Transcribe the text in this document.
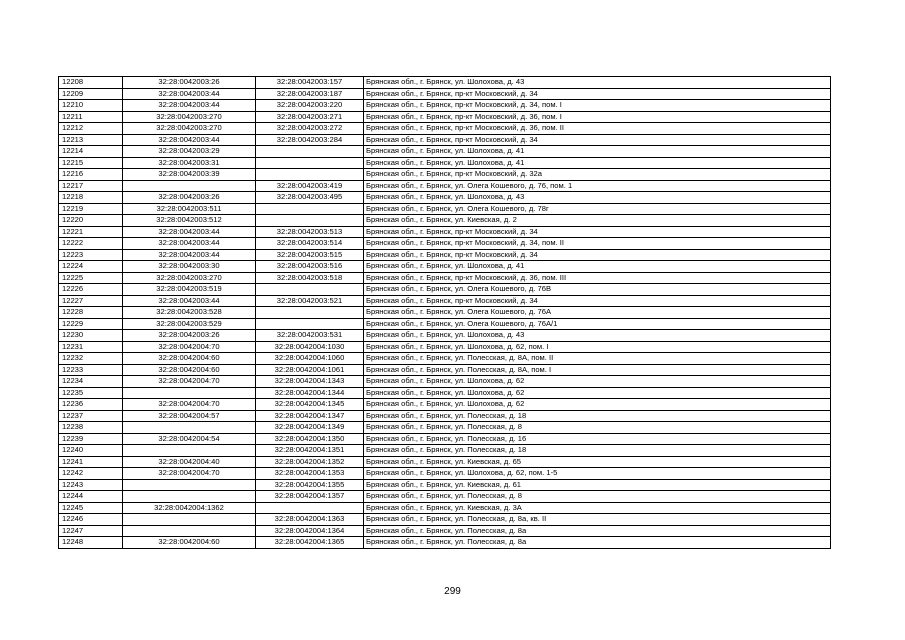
12208	32:28:0042003:26	32:28:0042003:157	Брянская обл., г. Брянск, ул. Шолохова, д. 43
12209	32:28:0042003:44	32:28:0042003:187	Брянская обл., г. Брянск, пр-кт Московский, д. 34
12210	32:28:0042003:44	32:28:0042003:220	Брянская обл., г. Брянск, пр-кт Московский, д. 34, пом. I
12211	32:28:0042003:270	32:28:0042003:271	Брянская обл., г. Брянск, пр-кт Московский, д. 36, пом. I
12212	32:28:0042003:270	32:28:0042003:272	Брянская обл., г. Брянск, пр-кт Московский, д. 36, пом. II
12213	32:28:0042003:44	32:28:0042003:284	Брянская обл., г. Брянск, пр-кт Московский, д. 34
12214	32:28:0042003:29		Брянская обл., г. Брянск, ул. Шолохова, д. 41
12215	32:28:0042003:31		Брянская обл., г. Брянск, ул. Шолохова, д. 41
12216	32:28:0042003:39		Брянская обл., г. Брянск, пр-кт Московский, д. 32а
12217		32:28:0042003:419	Брянская обл., г. Брянск, ул. Олега Кошевого, д. 76, пом. 1
12218	32:28:0042003:26	32:28:0042003:495	Брянская обл., г. Брянск, ул. Шолохова, д. 43
12219	32:28:0042003:511		Брянская обл., г. Брянск, ул. Олега Кошевого, д. 78г
12220	32:28:0042003:512		Брянская обл., г. Брянск, ул. Киевская, д. 2
12221	32:28:0042003:44	32:28:0042003:513	Брянская обл., г. Брянск, пр-кт Московский, д. 34
12222	32:28:0042003:44	32:28:0042003:514	Брянская обл., г. Брянск, пр-кт Московский, д. 34, пом. II
12223	32:28:0042003:44	32:28:0042003:515	Брянская обл., г. Брянск, пр-кт Московский, д. 34
12224	32:28:0042003:30	32:28:0042003:516	Брянская обл., г. Брянск, ул. Шолохова, д. 41
12225	32:28:0042003:270	32:28:0042003:518	Брянская обл., г. Брянск, пр-кт Московский, д. 36, пом. III
12226	32:28:0042003:519		Брянская обл., г. Брянск, ул. Олега Кошевого, д. 76В
12227	32:28:0042003:44	32:28:0042003:521	Брянская обл., г. Брянск, пр-кт Московский, д. 34
12228	32:28:0042003:528		Брянская обл., г. Брянск, ул. Олега Кошевого, д. 76А
12229	32:28:0042003:529		Брянская обл., г. Брянск, ул. Олега Кошевого, д. 76А/1
12230	32:28:0042003:26	32:28:0042003:531	Брянская обл., г. Брянск, ул. Шолохова, д. 43
12231	32:28:0042004:70	32:28:0042004:1030	Брянская обл., г. Брянск, ул. Шолохова, д. 62, пом. I
12232	32:28:0042004:60	32:28:0042004:1060	Брянская обл., г. Брянск, ул. Полесская, д. 8А, пом. II
12233	32:28:0042004:60	32:28:0042004:1061	Брянская обл., г. Брянск, ул. Полесская, д. 8А, пом. I
12234	32:28:0042004:70	32:28:0042004:1343	Брянская обл., г. Брянск, ул. Шолохова, д. 62
12235		32:28:0042004:1344	Брянская обл., г. Брянск, ул. Шолохова, д. 62
12236	32:28:0042004:70	32:28:0042004:1345	Брянская обл., г. Брянск, ул. Шолохова, д. 62
12237	32:28:0042004:57	32:28:0042004:1347	Брянская обл., г. Брянск, ул. Полесская, д. 18
12238		32:28:0042004:1349	Брянская обл., г. Брянск, ул. Полесская, д. 8
12239	32:28:0042004:54	32:28:0042004:1350	Брянская обл., г. Брянск, ул. Полесская, д. 16
12240		32:28:0042004:1351	Брянская обл., г. Брянск, ул. Полесская, д. 18
12241	32:28:0042004:40	32:28:0042004:1352	Брянская обл., г. Брянск, ул. Киевская, д. 65
12242	32:28:0042004:70	32:28:0042004:1353	Брянская обл., г. Брянск, ул. Шолохова, д. 62, пом. 1-5
12243		32:28:0042004:1355	Брянская обл., г. Брянск, ул. Киевская, д. 61
12244		32:28:0042004:1357	Брянская обл., г. Брянск, ул. Полесская, д. 8
12245	32:28:0042004:1362		Брянская обл., г. Брянск, ул. Киевская, д. 3А
12246		32:28:0042004:1363	Брянская обл., г. Брянск, ул. Полесская, д. 8а, кв. II
12247		32:28:0042004:1364	Брянская обл., г. Брянск, ул. Полесская, д. 8а
12248	32:28:0042004:60	32:28:0042004:1365	Брянская обл., г. Брянск, ул. Полесская, д. 8а
299
